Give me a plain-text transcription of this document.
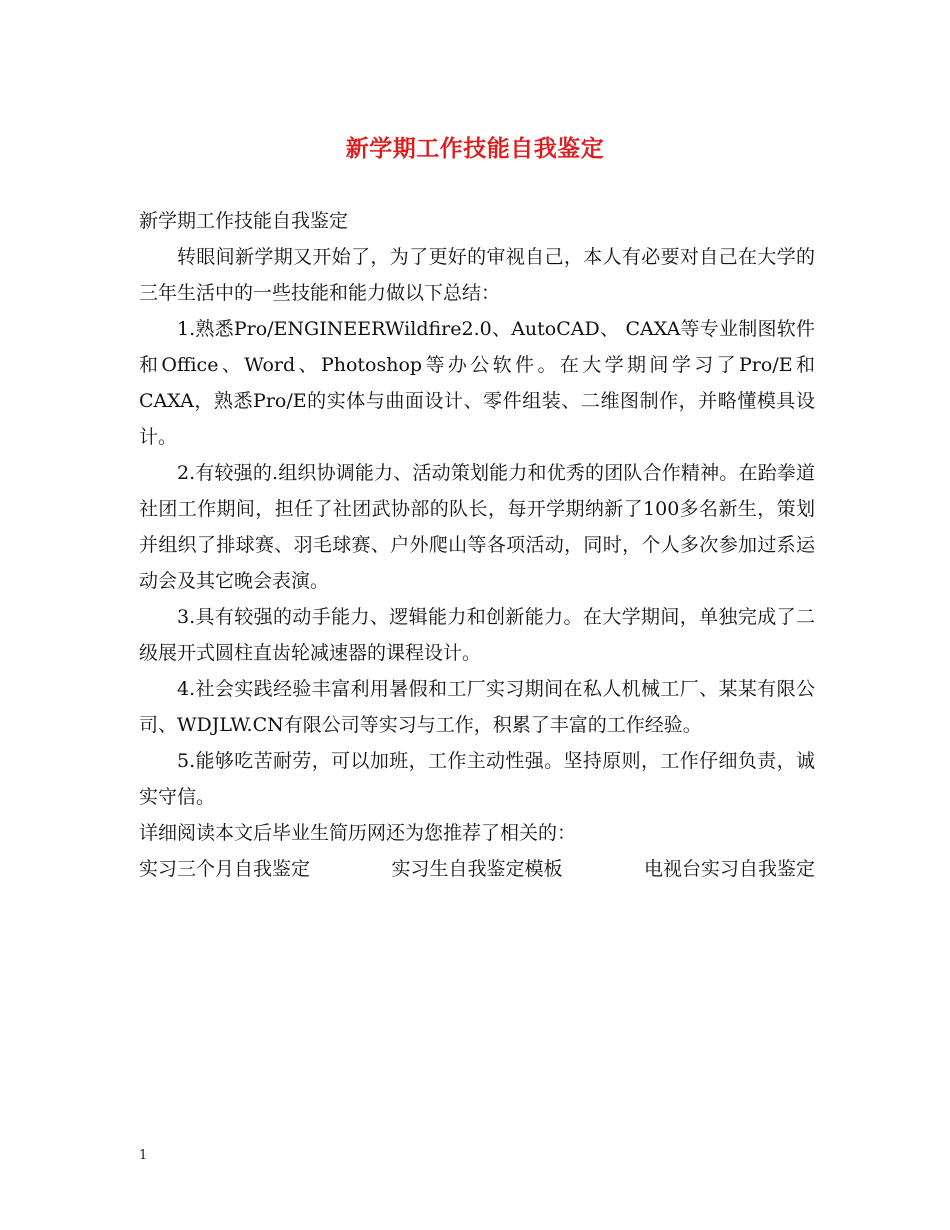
新学期工作技能自我鉴定

新学期工作技能自我鉴定

转眼间新学期又开始了，为了更好的审视自己，本人有必要对自己在大学的三年生活中的一些技能和能力做以下总结：

1.熟悉Pro/ENGINEERWildfire2.0、AutoCAD、 CAXA等专业制图软件和Office、Word、Photoshop等办公软件。在大学期间学习了Pro/E和CAXA，熟悉Pro/E的实体与曲面设计、零件组装、二维图制作，并略懂模具设计。

2.有较强的.组织协调能力、活动策划能力和优秀的团队合作精神。在跆拳道社团工作期间，担任了社团武协部的队长，每开学期纳新了100多名新生，策划并组织了排球赛、羽毛球赛、户外爬山等各项活动，同时，个人多次参加过系运动会及其它晚会表演。

3.具有较强的动手能力、逻辑能力和创新能力。在大学期间，单独完成了二级展开式圆柱直齿轮减速器的课程设计。

4.社会实践经验丰富利用暑假和工厂实习期间在私人机械工厂、某某有限公司、WDJLW.CN有限公司等实习与工作，积累了丰富的工作经验。

5.能够吃苦耐劳，可以加班，工作主动性强。坚持原则，工作仔细负责，诚实守信。

详细阅读本文后毕业生简历网还为您推荐了相关的：

实习三个月自我鉴定	实习生自我鉴定模板	电视台实习自我鉴定
1
